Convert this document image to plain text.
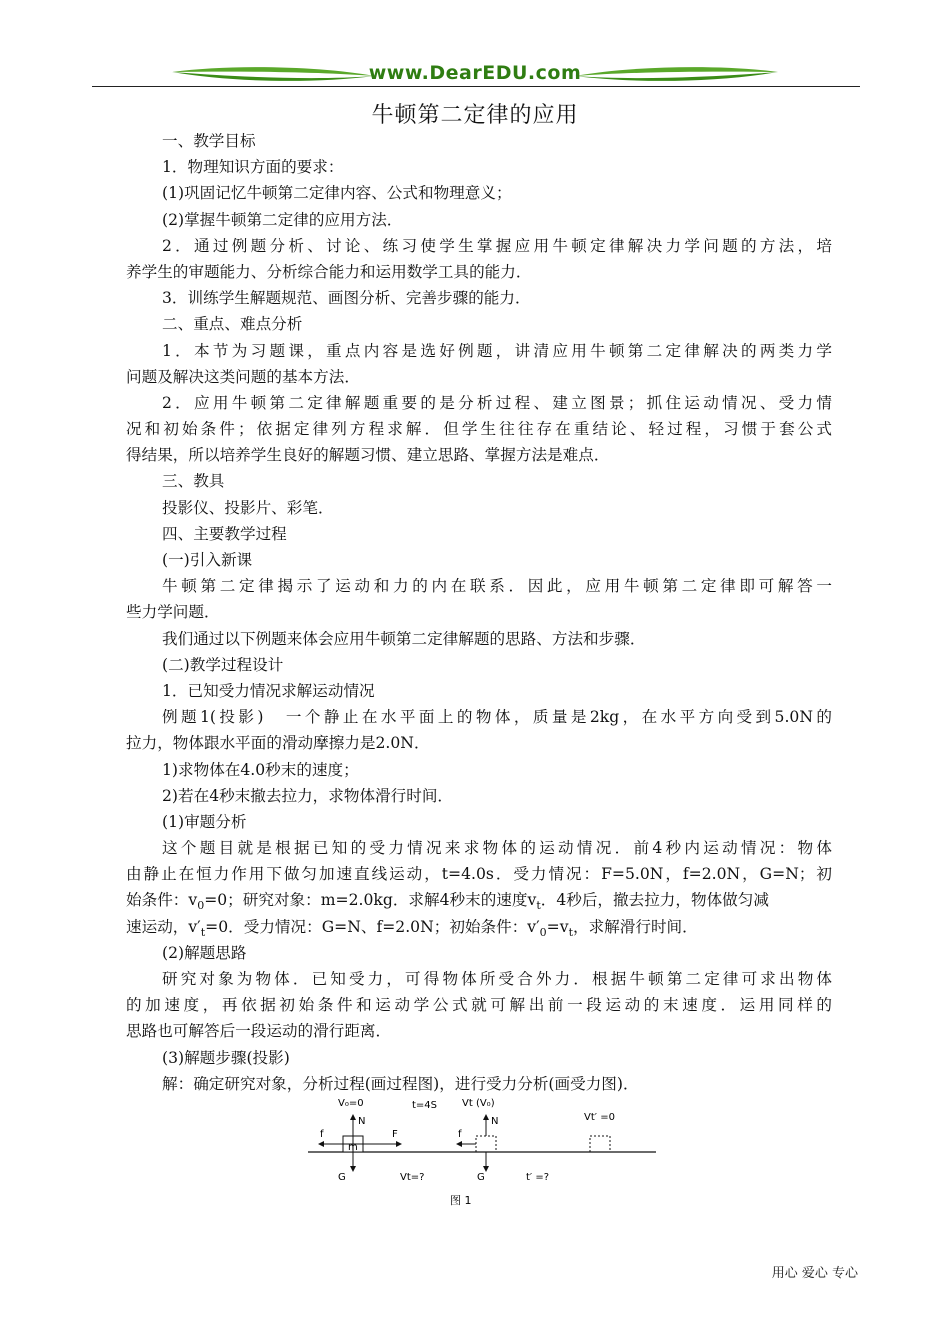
www.DearEDU.com
牛顿第二定律的应用
一、教学目标
1．物理知识方面的要求：
(1)巩固记忆牛顿第二定律内容、公式和物理意义；
(2)掌握牛顿第二定律的应用方法．
2．通过例题分析、讨论、练习使学生掌握应用牛顿定律解决力学问题的方法，培
养学生的审题能力、分析综合能力和运用数学工具的能力．
3．训练学生解题规范、画图分析、完善步骤的能力．
二、重点、难点分析
1．本节为习题课，重点内容是选好例题，讲清应用牛顿第二定律解决的两类力学
问题及解决这类问题的基本方法．
2．应用牛顿第二定律解题重要的是分析过程、建立图景；抓住运动情况、受力情
况和初始条件；依据定律列方程求解．但学生往往存在重结论、轻过程，习惯于套公式
得结果，所以培养学生良好的解题习惯、建立思路、掌握方法是难点．
三、教具
投影仪、投影片、彩笔．
四、主要教学过程
(一)引入新课
牛顿第二定律揭示了运动和力的内在联系．因此，应用牛顿第二定律即可解答一
些力学问题．
我们通过以下例题来体会应用牛顿第二定律解题的思路、方法和步骤．
(二)教学过程设计
1．已知受力情况求解运动情况
例题1(投影)　一个静止在水平面上的物体，质量是2kg，在水平方向受到5.0N的
拉力，物体跟水平面的滑动摩擦力是2.0N．
1)求物体在4.0秒末的速度；
2)若在4秒末撤去拉力，求物体滑行时间．
(1)审题分析
这个题目就是根据已知的受力情况来求物体的运动情况．前4秒内运动情况：物体
由静止在恒力作用下做匀加速直线运动，t=4.0s．受力情况：F=5.0N，f=2.0N，G=N；初
始条件：$v_0=0$；研究对象：m=2.0kg．求解4秒末的速度$v_t$．4秒后，撤去拉力，物体做匀减
速运动，$v'_t=0$．受力情况：G=N、f=2.0N；初始条件：$v'_0=v_t$，求解滑行时间．
(2)解题思路
研究对象为物体．已知受力，可得物体所受合外力．根据牛顿第二定律可求出物体
的加速度，再依据初始条件和运动学公式就可解出前一段运动的末速度．运用同样的
思路也可解答后一段运动的滑行距离．
(3)解题步骤(投影)
解：确定研究对象，分析过程(画过程图)，进行受力分析(画受力图)．
m
N
G
f	F
V₀=0	t=4S
Vt=?
N
G
f
Vt (V₀)
t′ =?
Vt′ =0
图 1
用心 爱心 专心
